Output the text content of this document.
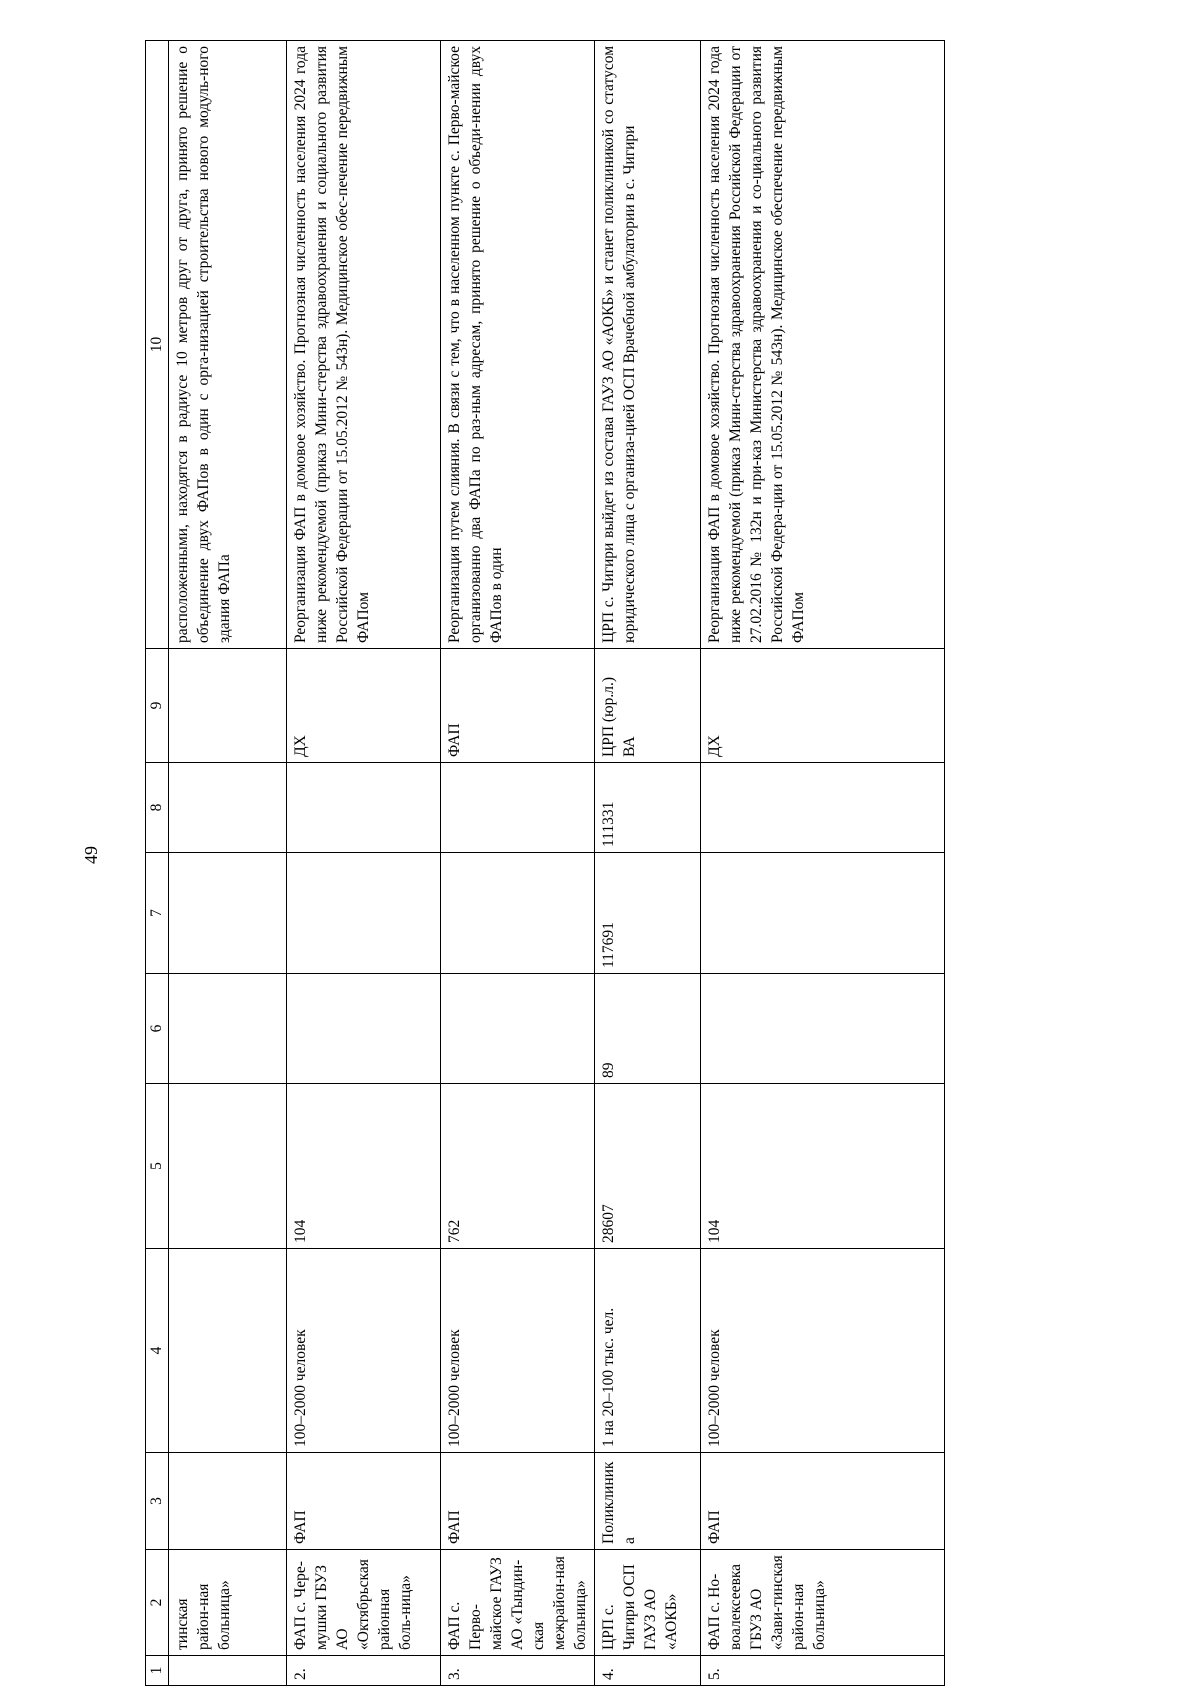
49
1	2	3	4	5	6	7	8	9	10
	тинская район-ная больница»								расположенными, находятся в радиусе 10 метров друг от друга, принято решение о объединение двух ФАПов в один с орга-низацией строительства нового модуль-ного здания ФАПа
2.	ФАП с. Чере-мушки ГБУЗ АО «Октябрьская районная боль-ница»	ФАП	100–2000 человек	104				ДХ	Реорганизация ФАП в домовое хозяйство. Прогнозная численность населения 2024 года ниже рекомендуемой (приказ Мини-стерства здравоохранения и социального развития Российской Федерации от 15.05.2012 № 543н). Медицинское обес-печение передвижным ФАПом
3.	ФАП с. Перво-майское ГАУЗ АО «Тындин-ская межрайон-ная больница»	ФАП	100–2000 человек	762				ФАП	Реорганизация путем слияния. В связи с тем, что в населенном пункте с. Перво-майское организованно два ФАПа по раз-ным адресам, принято решение о объеди-нении двух ФАПов в один
4.	ЦРП с. Чигири ОСП ГАУЗ АО «АОКБ»	Поликлиника	1 на 20–100 тыс. чел.	28607	89	117691	111331	ЦРП (юр.л.) ВА	ЦРП с. Чигири выйдет из состава ГАУЗ АО «АОКБ» и станет поликлиникой со статусом юридического лица с организа-цией ОСП Врачебной амбулатории в с. Чигири
5.	ФАП с. Но-воалексеевка ГБУЗ АО «Зави-тинская район-ная больница»	ФАП	100–2000 человек	104				ДХ	Реорганизация ФАП в домовое хозяйство. Прогнозная численность населения 2024 года ниже рекомендуемой (приказ Мини-стерства здравоохранения Российской Федерации от 27.02.2016 № 132н и при-каз Министерства здравоохранения и со-циального развития Российской Федера-ции от 15.05.2012 № 543н). Медицинское обеспечение передвижным ФАПом
